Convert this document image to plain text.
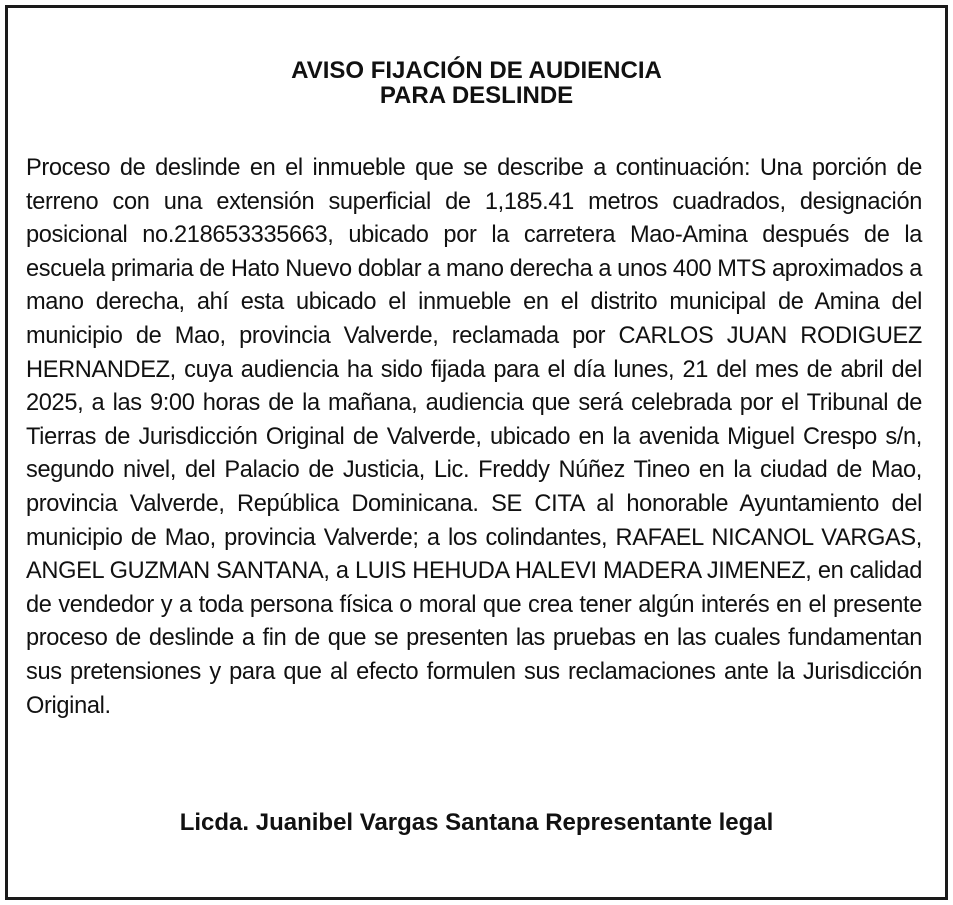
AVISO FIJACIÓN DE AUDIENCIA
PARA DESLINDE

Proceso de deslinde en el inmueble que se describe a continuación: Una porción de terreno con una extensión superficial de 1,185.41 metros cuadrados, designación posicional no.218653335663, ubicado por la carretera Mao-Amina después de la escuela primaria de Hato Nuevo doblar a mano derecha a unos 400 MTS aproximados a mano derecha, ahí esta ubicado el inmueble en el distrito municipal de Amina del municipio de Mao, provincia Valverde, reclamada por CARLOS JUAN RODIGUEZ HERNANDEZ, cuya audiencia ha sido fijada para el día lunes, 21 del mes de abril del 2025, a las 9:00 horas de la mañana, audiencia que será celebrada por el Tribunal de Tierras de Jurisdicción Original de Valverde, ubicado en la avenida Miguel Crespo s/n, segundo nivel, del Palacio de Justicia, Lic. Freddy Núñez Tineo en la ciudad de Mao, provincia Valverde, República Dominicana. SE CITA al honorable Ayuntamiento del municipio de Mao, provincia Valverde; a los colindantes, RAFAEL NICANOL VARGAS, ANGEL GUZMAN SANTANA, a LUIS HEHUDA HALEVI MADERA JIMENEZ, en calidad de vendedor y a toda persona física o moral que crea tener algún interés en el presente proceso de deslinde a fin de que se presenten las pruebas en las cuales fundamentan sus pretensiones y para que al efecto formulen sus reclamaciones ante la Jurisdicción Original.

Licda. Juanibel Vargas Santana Representante legal
